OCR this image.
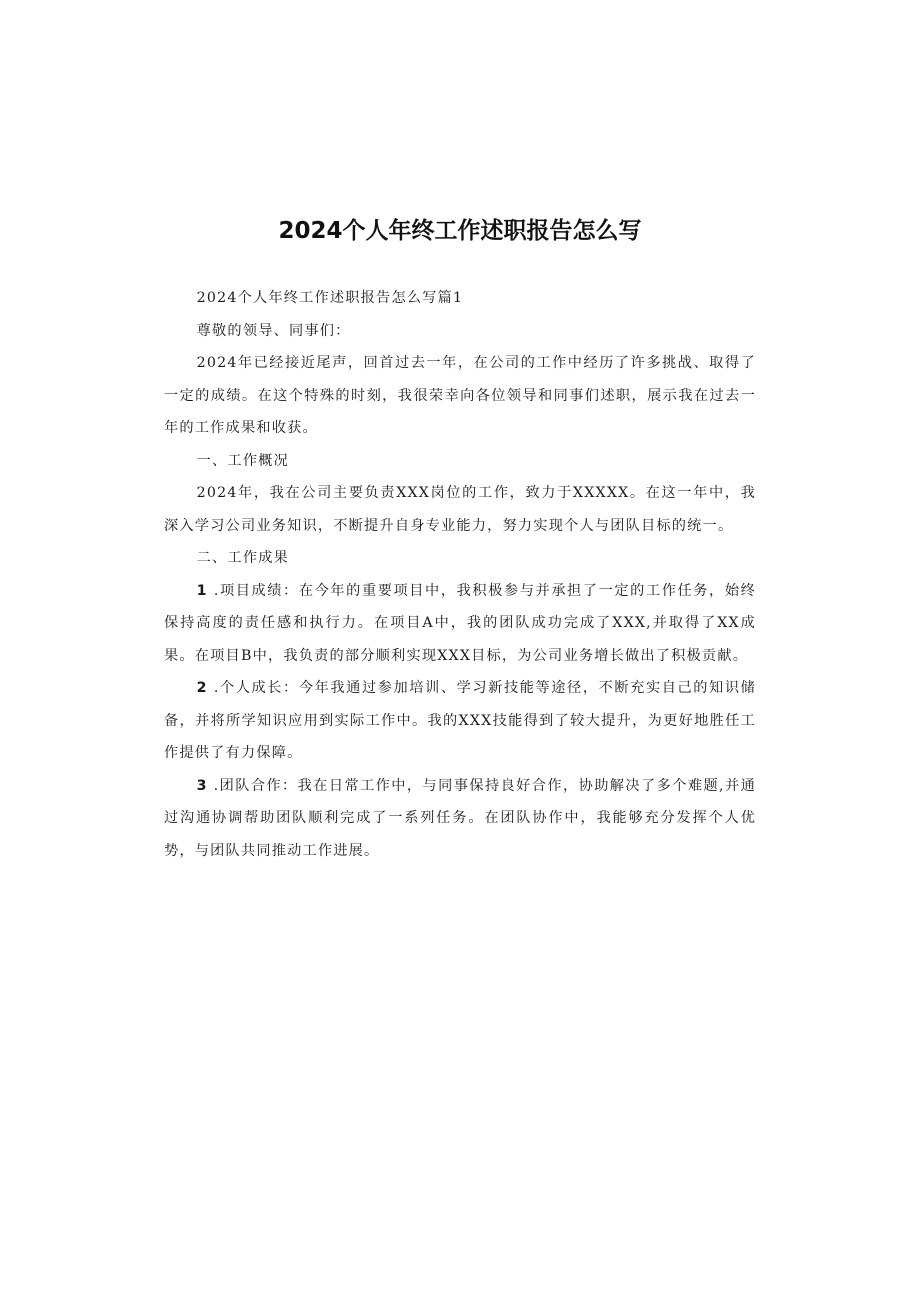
2024个人年终工作述职报告怎么写

2024个人年终工作述职报告怎么写篇1

尊敬的领导、同事们：

2024年已经接近尾声，回首过去一年，在公司的工作中经历了许多挑战、取得了一定的成绩。在这个特殊的时刻，我很荣幸向各位领导和同事们述职，展示我在过去一年的工作成果和收获。

一、工作概况

2024年，我在公司主要负责XXX岗位的工作，致力于XXXXX。在这一年中，我深入学习公司业务知识，不断提升自身专业能力，努力实现个人与团队目标的统一。

二、工作成果

1 .项目成绩：在今年的重要项目中，我积极参与并承担了一定的工作任务，始终保持高度的责任感和执行力。在项目A中，我的团队成功完成了XXX,并取得了XX成果。在项目B中，我负责的部分顺利实现XXX目标，为公司业务增长做出了积极贡献。

2 .个人成长：今年我通过参加培训、学习新技能等途径，不断充实自己的知识储备，并将所学知识应用到实际工作中。我的XXX技能得到了较大提升，为更好地胜任工作提供了有力保障。

3 .团队合作：我在日常工作中，与同事保持良好合作，协助解决了多个难题,并通过沟通协调帮助团队顺利完成了一系列任务。在团队协作中，我能够充分发挥个人优势，与团队共同推动工作进展。
